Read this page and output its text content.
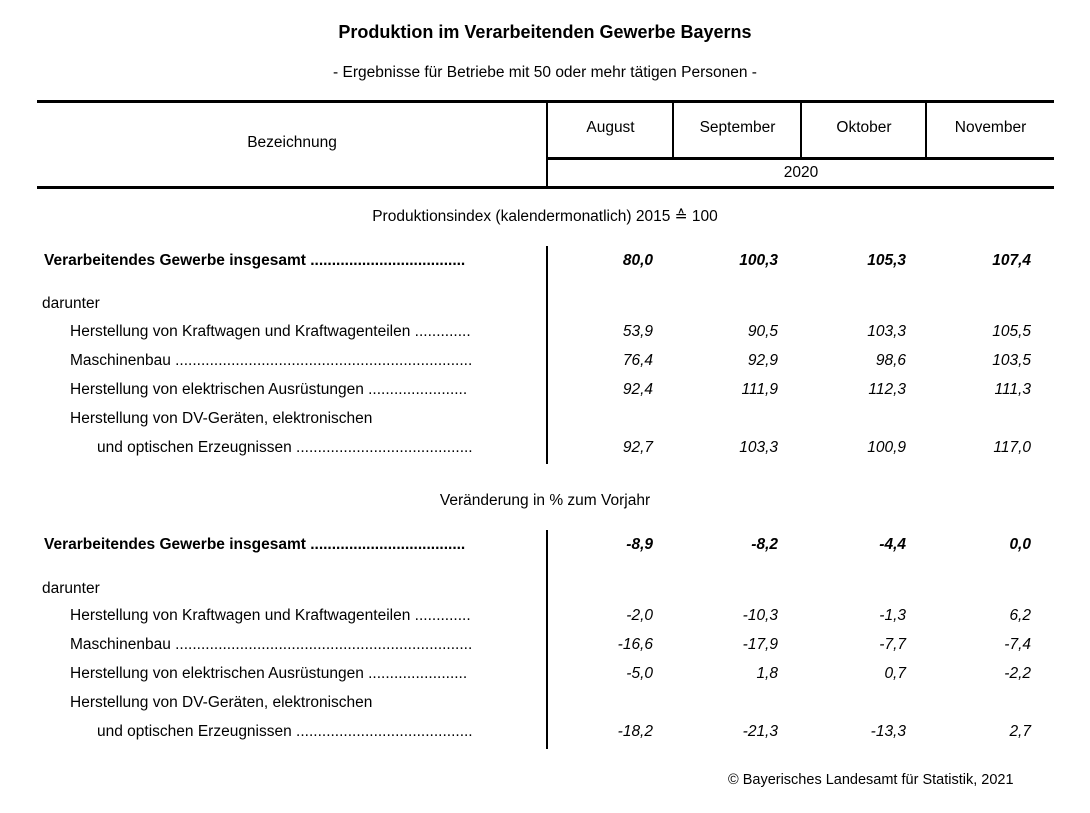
Produktion im Verarbeitenden Gewerbe Bayerns
- Ergebnisse für Betriebe mit 50 oder mehr tätigen Personen -
Bezeichnung
August	September	Oktober	November
2020
Produktionsindex (kalendermonatlich) 2015 ≙ 100
Verarbeitendes Gewerbe insgesamt ....................................	80,0	100,3	105,3	107,4
darunter
Herstellung von Kraftwagen und Kraftwagenteilen .............	53,9	90,5	103,3	105,5
Maschinenbau .....................................................................	76,4	92,9	98,6	103,5
Herstellung von elektrischen Ausrüstungen .......................	92,4	111,9	112,3	111,3
Herstellung von DV-Geräten, elektronischen
und optischen Erzeugnissen .........................................	92,7	103,3	100,9	117,0
Veränderung in % zum Vorjahr
Verarbeitendes Gewerbe insgesamt ....................................	-8,9	-8,2	-4,4	0,0
darunter
Herstellung von Kraftwagen und Kraftwagenteilen .............	-2,0	-10,3	-1,3	6,2
Maschinenbau .....................................................................	-16,6	-17,9	-7,7	-7,4
Herstellung von elektrischen Ausrüstungen .......................	-5,0	1,8	0,7	-2,2
Herstellung von DV-Geräten, elektronischen
und optischen Erzeugnissen .........................................	-18,2	-21,3	-13,3	2,7
© Bayerisches Landesamt für Statistik, 2021
